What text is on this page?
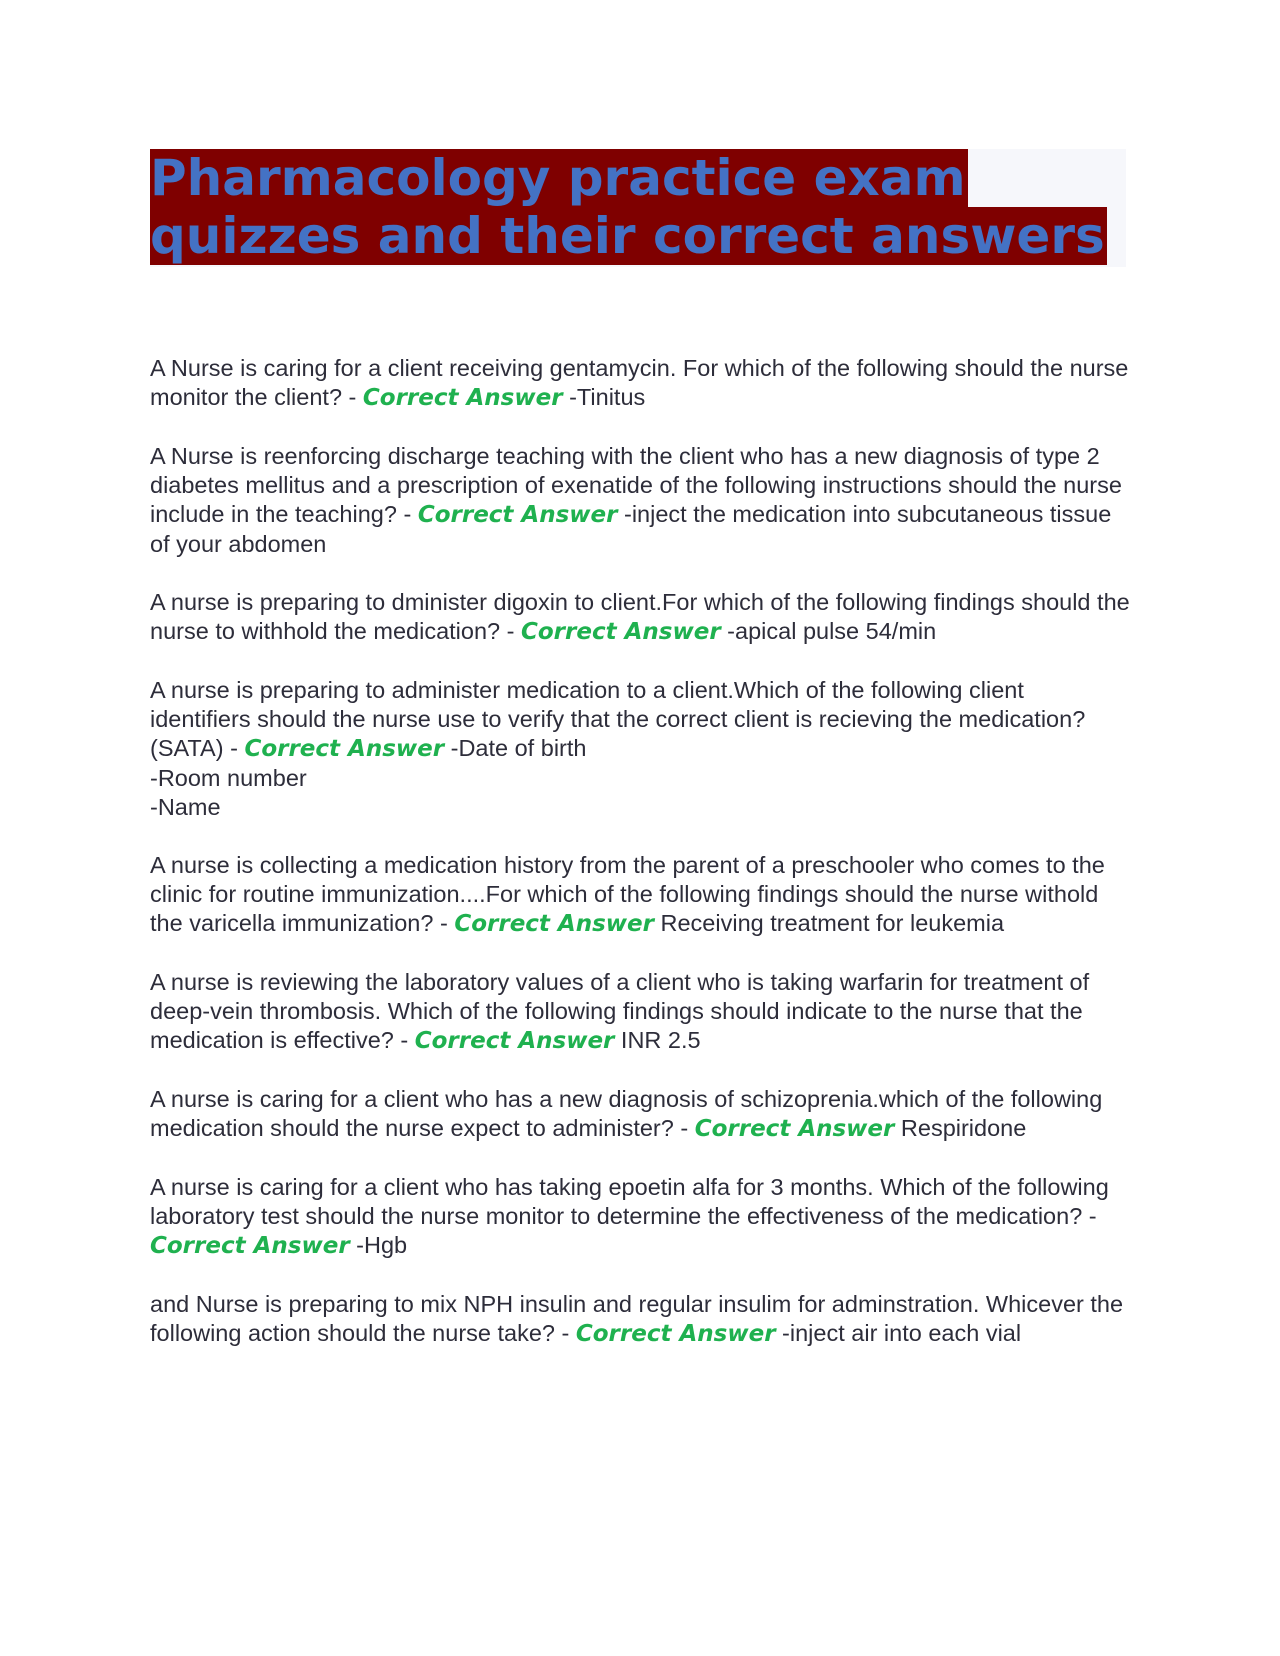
Pharmacology practice exam
quizzes and their correct answers

A Nurse is caring for a client receiving gentamycin. For which of the following should the nurse monitor the client? - Correct Answer -Tinitus

A Nurse is reenforcing discharge teaching with the client who has a new diagnosis of type 2 diabetes mellitus and a prescription of exenatide of the following instructions should the nurse include in the teaching? - Correct Answer -inject the medication into subcutaneous tissue of your abdomen

A nurse is preparing to dminister digoxin to client.For which of the following findings should the nurse to withhold the medication? - Correct Answer -apical pulse 54/min

A nurse is preparing to administer medication to a client.Which of the following client identifiers should the nurse use to verify that the correct client is recieving the medication? (SATA) - Correct Answer -Date of birth
-Room number
-Name

A nurse is collecting a medication history from the parent of a preschooler who comes to the clinic for routine immunization....For which of the following findings should the nurse withold the varicella immunization? - Correct Answer Receiving treatment for leukemia

A nurse is reviewing the laboratory values of a client who is taking warfarin for treatment of deep-vein thrombosis. Which of the following findings should indicate to the nurse that the medication is effective? - Correct Answer INR 2.5

A nurse is caring for a client who has a new diagnosis of schizoprenia.which of the following medication should the nurse expect to administer? - Correct Answer Respiridone

A nurse is caring for a client who has taking epoetin alfa for 3 months. Which of the following laboratory test should the nurse monitor to determine the effectiveness of the medication? - Correct Answer -Hgb

and Nurse is preparing to mix NPH insulin and regular insulim for adminstration. Whicever the following action should the nurse take? - Correct Answer -inject air into each vial
